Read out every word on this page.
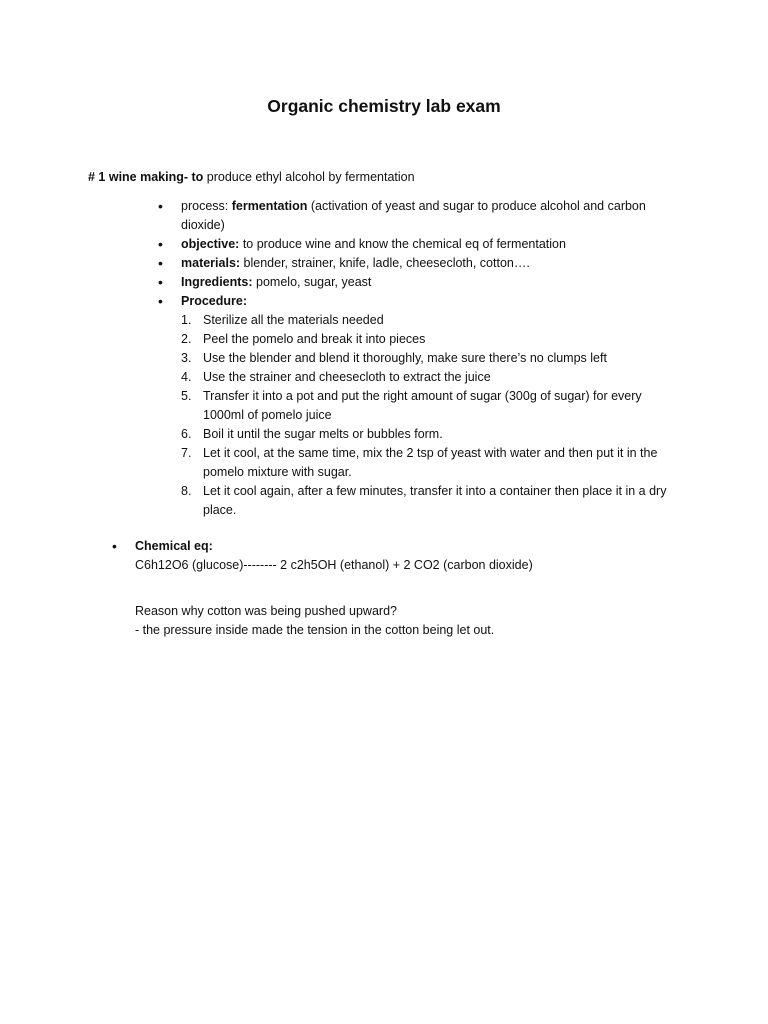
Organic chemistry lab exam
# 1 wine making- to produce ethyl alcohol by fermentation
• process: fermentation (activation of yeast and sugar to produce alcohol and carbon dioxide)
• objective: to produce wine and know the chemical eq of fermentation
• materials: blender, strainer, knife, ladle, cheesecloth, cotton….
• Ingredients: pomelo, sugar, yeast
• Procedure:
1. Sterilize all the materials needed
2. Peel the pomelo and break it into pieces
3. Use the blender and blend it thoroughly, make sure there’s no clumps left
4. Use the strainer and cheesecloth to extract the juice
5. Transfer it into a pot and put the right amount of sugar (300g of sugar) for every 1000ml of pomelo juice
6. Boil it until the sugar melts or bubbles form.
7. Let it cool, at the same time, mix the 2 tsp of yeast with water and then put it in the pomelo mixture with sugar.
8. Let it cool again, after a few minutes, transfer it into a container then place it in a dry place.
• Chemical eq:
C6h12O6 (glucose)-------- 2 c2h5OH (ethanol) + 2 CO2 (carbon dioxide)
Reason why cotton was being pushed upward?
- the pressure inside made the tension in the cotton being let out.
